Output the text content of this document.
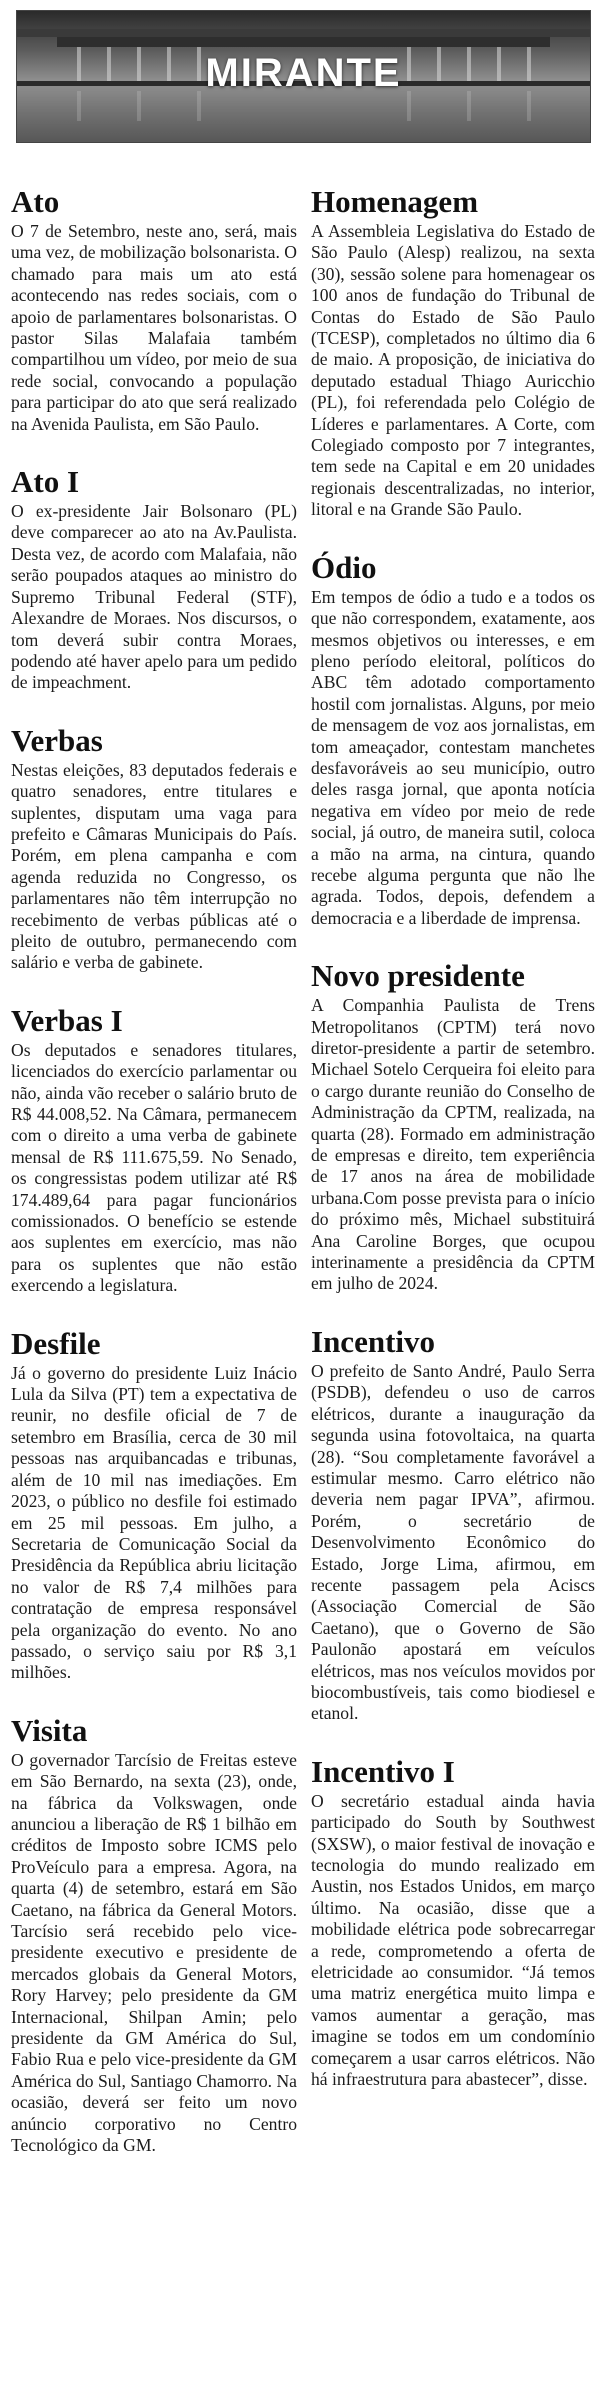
MIRANTE
Ato

O 7 de Setembro, neste ano, será, mais uma vez, de mobilização bolsonarista. O chamado para mais um ato está acontecendo nas redes sociais, com o apoio de parlamentares bolsonaristas. O pastor Silas Malafaia também compartilhou um vídeo, por meio de sua rede social, convocando a população para participar do ato que será realizado na Avenida Paulista, em São Paulo.

Ato I

O ex-presidente Jair Bolsonaro (PL) deve comparecer ao ato na Av.Paulista. Desta vez, de acordo com Malafaia, não serão poupados ataques ao ministro do Supremo Tribunal Federal (STF), Alexandre de Moraes. Nos discursos, o tom deverá subir contra Moraes, podendo até haver apelo para um pedido de impeachment.

Verbas

Nestas eleições, 83 deputados federais e quatro senadores, entre titulares e suplentes, disputam uma vaga para prefeito e Câmaras Municipais do País. Porém, em plena campanha e com agenda reduzida no Congresso, os parlamentares não têm interrupção no recebimento de verbas públicas até o pleito de outubro, permanecendo com salário e verba de gabinete.

Verbas I

Os deputados e senadores titulares, licenciados do exercício parlamentar ou não, ainda vão receber o salário bruto de R$ 44.008,52. Na Câmara, permanecem com o direito a uma verba de gabinete mensal de R$ 111.675,59. No Senado, os congressistas podem utilizar até R$ 174.489,64 para pagar funcionários comissionados. O benefício se estende aos suplentes em exercício, mas não para os suplentes que não estão exercendo a legislatura.

Desfile

Já o governo do presidente Luiz Inácio Lula da Silva (PT) tem a expectativa de reunir, no desfile oficial de 7 de setembro em Brasília, cerca de 30 mil pessoas nas arquibancadas e tribunas, além de 10 mil nas imediações. Em 2023, o público no desfile foi estimado em 25 mil pessoas. Em julho, a Secretaria de Comunicação Social da Presidência da República abriu licitação no valor de R$ 7,4 milhões para contratação de empresa responsável pela organização do evento. No ano passado, o serviço saiu por R$ 3,1 milhões.

Visita

O governador Tarcísio de Freitas esteve em São Bernardo, na sexta (23), onde, na fábrica da Volkswagen, onde anunciou a liberação de R$ 1 bilhão em créditos de Imposto sobre ICMS pelo ProVeículo para a empresa. Agora, na quarta (4) de setembro, estará em São Caetano, na fábrica da General Motors. Tarcísio será recebido pelo vice-presidente executivo e presidente de mercados globais da General Motors, Rory Harvey; pelo presidente da GM Internacional, Shilpan Amin; pelo presidente da GM América do Sul, Fabio Rua e pelo vice-presidente da GM América do Sul, Santiago Chamorro. Na ocasião, deverá ser feito um novo anúncio corporativo no Centro Tecnológico da GM.

Homenagem

A Assembleia Legislativa do Estado de São Paulo (Alesp) realizou, na sexta (30), sessão solene para homenagear os 100 anos de fundação do Tribunal de Contas do Estado de São Paulo (TCESP), completados no último dia 6 de maio. A proposição, de iniciativa do deputado estadual Thiago Auricchio (PL), foi referendada pelo Colégio de Líderes e parlamentares. A Corte, com Colegiado composto por 7 integrantes, tem sede na Capital e em 20 unidades regionais descentralizadas, no interior, litoral e na Grande São Paulo.

Ódio

Em tempos de ódio a tudo e a todos os que não correspondem, exatamente, aos mesmos objetivos ou interesses, e em pleno período eleitoral, políticos do ABC têm adotado comportamento hostil com jornalistas. Alguns, por meio de mensagem de voz aos jornalistas, em tom ameaçador, contestam manchetes desfavoráveis ao seu município, outro deles rasga jornal, que aponta notícia negativa em vídeo por meio de rede social, já outro, de maneira sutil, coloca a mão na arma, na cintura, quando recebe alguma pergunta que não lhe agrada. Todos, depois, defendem a democracia e a liberdade de imprensa.

Novo presidente

A Companhia Paulista de Trens Metropolitanos (CPTM) terá novo diretor-presidente a partir de setembro. Michael Sotelo Cerqueira foi eleito para o cargo durante reunião do Conselho de Administração da CPTM, realizada, na quarta (28). Formado em administração de empresas e direito, tem experiência de 17 anos na área de mobilidade urbana.Com posse prevista para o início do próximo mês, Michael substituirá Ana Caroline Borges, que ocupou interinamente a presidência da CPTM em julho de 2024.

Incentivo

O prefeito de Santo André, Paulo Serra (PSDB), defendeu o uso de carros elétricos, durante a inauguração da segunda usina fotovoltaica, na quarta (28). “Sou completamente favorável a estimular mesmo. Carro elétrico não deveria nem pagar IPVA”, afirmou. Porém, o secretário de Desenvolvimento Econômico do Estado, Jorge Lima, afirmou, em recente passagem pela Aciscs (Associação Comercial de São Caetano), que o Governo de São Paulonão apostará em veículos elétricos, mas nos veículos movidos por biocombustíveis, tais como biodiesel e etanol.

Incentivo I

O secretário estadual ainda havia participado do South by Southwest (SXSW), o maior festival de inovação e tecnologia do mundo realizado em Austin, nos Estados Unidos, em março último. Na ocasião, disse que a mobilidade elétrica pode sobrecarregar a rede, comprometendo a oferta de eletricidade ao consumidor. “Já temos uma matriz energética muito limpa e vamos aumentar a geração, mas imagine se todos em um condomínio começarem a usar carros elétricos. Não há infraestrutura para abastecer”, disse.
